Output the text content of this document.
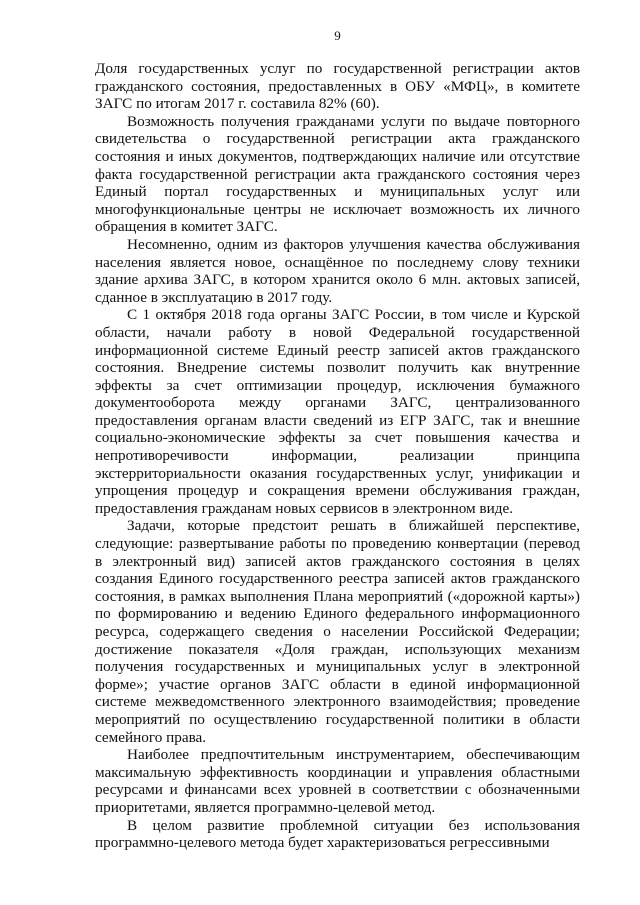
9

Доля государственных услуг по государственной регистрации актов гражданского состояния, предоставленных в ОБУ «МФЦ», в комитете ЗАГС по итогам 2017 г. составила 82% (60).

Возможность получения гражданами услуги по выдаче повторного свидетельства о государственной регистрации акта гражданского состояния и иных документов, подтверждающих наличие или отсутствие факта государственной регистрации акта гражданского состояния через Единый портал государственных и муниципальных услуг или многофункциональные центры не исключает возможность их личного обращения в комитет ЗАГС.

Несомненно, одним из факторов улучшения качества обслуживания населения является новое, оснащённое по последнему слову техники здание архива ЗАГС, в котором хранится около 6 млн. актовых записей, сданное в эксплуатацию в 2017 году.

С 1 октября 2018 года органы ЗАГС России, в том числе и Курской области, начали работу в новой Федеральной государственной информационной системе Единый реестр записей актов гражданского состояния. Внедрение системы позволит получить как внутренние эффекты за счет оптимизации процедур, исключения бумажного документооборота между органами ЗАГС, централизованного предоставления органам власти сведений из ЕГР ЗАГС, так и внешние социально-экономические эффекты за счет повышения качества и непротиворечивости информации, реализации принципа экстерриториальности оказания государственных услуг, унификации и упрощения процедур и сокращения времени обслуживания граждан, предоставления гражданам новых сервисов в электронном виде.

Задачи, которые предстоит решать в ближайшей перспективе, следующие: развертывание работы по проведению конвертации (перевод в электронный вид) записей актов гражданского состояния в целях создания Единого государственного реестра записей актов гражданского состояния, в рамках выполнения Плана мероприятий («дорожной карты») по формированию и ведению Единого федерального информационного ресурса, содержащего сведения о населении Российской Федерации; достижение показателя «Доля граждан, использующих механизм получения государственных и муниципальных услуг в электронной форме»; участие органов ЗАГС области в единой информационной системе межведомственного электронного взаимодействия; проведение мероприятий по осуществлению государственной политики в области семейного права.

Наиболее предпочтительным инструментарием, обеспечивающим максимальную эффективность координации и управления областными ресурсами и финансами всех уровней в соответствии с обозначенными приоритетами, является программно-целевой метод.

В целом развитие проблемной ситуации без использования программно-целевого метода будет характеризоваться регрессивными
